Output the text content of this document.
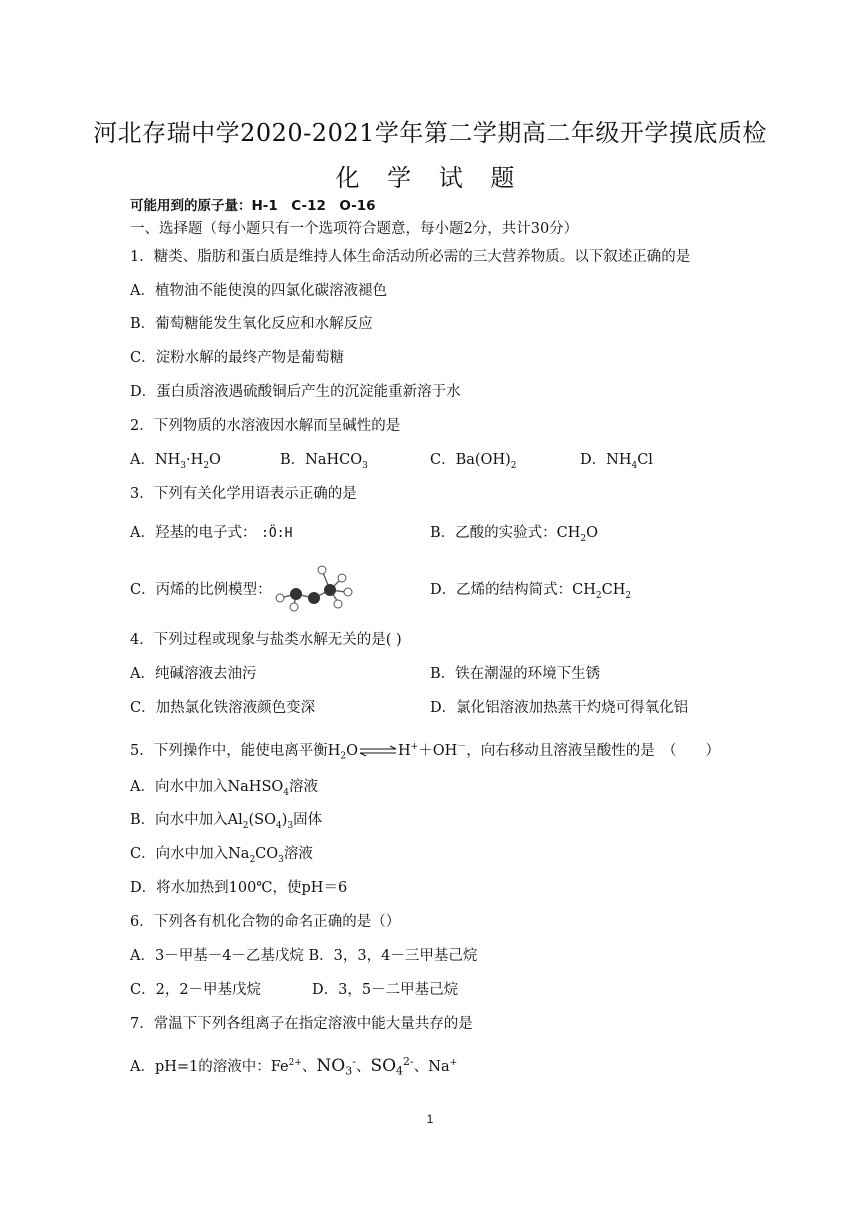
河北存瑞中学2020-2021学年第二学期高二年级开学摸底质检
化 学 试 题
可能用到的原子量：H-1　C-12　O-16
一、选择题（每小题只有一个选项符合题意，每小题2分，共计30分）
1．糖类、脂肪和蛋白质是维持人体生命活动所必需的三大营养物质。以下叙述正确的是
A．植物油不能使溴的四氯化碳溶液褪色
B．葡萄糖能发生氧化反应和水解反应
C．淀粉水解的最终产物是葡萄糖
D．蛋白质溶液遇硫酸铜后产生的沉淀能重新溶于水
2．下列物质的水溶液因水解而呈碱性的是
A．$NH_3\cdot H_2O$	B．NaHCO$_3$	C．$Ba(OH)_2$	D．$NH_4Cl$
3．下列有关化学用语表示正确的是
A．羟基的电子式： :Ö:H	B．乙酸的实验式：$CH_2O$
C．丙烯的比例模型：	D．乙烯的结构简式：$CH_2CH_2$
4．下列过程或现象与盐类水解无关的是( )
A．纯碱溶液去油污	B．铁在潮湿的环境下生锈
C．加热氯化铁溶液颜色变深	D．氯化铝溶液加热蒸干灼烧可得氧化铝
5．下列操作中，能使电离平衡$H_2O\rightleftharpoons H^++OH^-$，向右移动且溶液呈酸性的是　（　　）
A．向水中加入NaHSO$_4$溶液
B．向水中加入$Al_2(SO_4)_3$固体
C．向水中加入$Na_2CO_3$溶液
D．将水加热到100℃，使pH＝6
6．下列各有机化合物的命名正确的是（）
A．3－甲基－4－乙基戊烷 B．3，3，4－三甲基己烷
C．2，2－甲基戊烷	D．3，5－二甲基己烷
7．常温下下列各组离子在指定溶液中能大量共存的是
A．pH=1的溶液中：$Fe^{2+}$、$NO_3^-$、$SO_4^{2-}$、Na+
1
